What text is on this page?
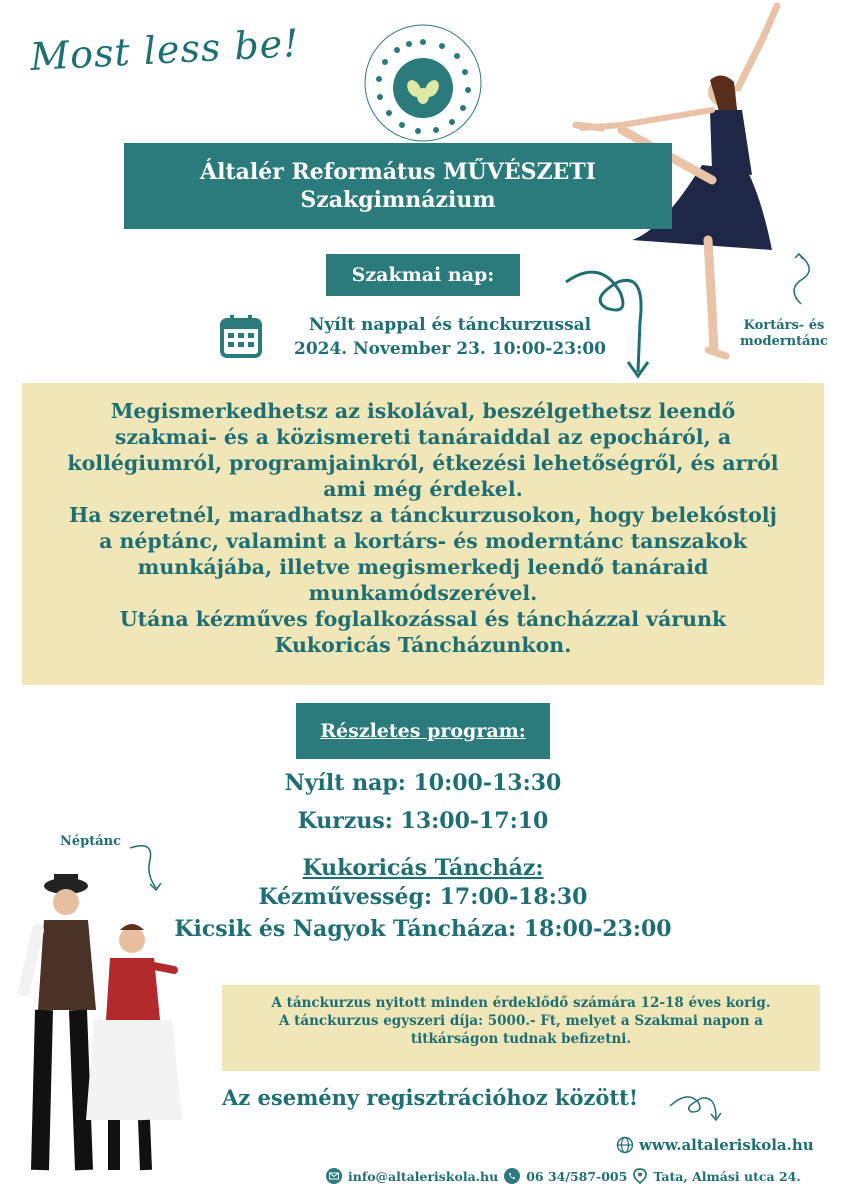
Most less be!
Általér Református MŰVÉSZETI
Szakgimnázium
Szakmai nap:
Nyílt nappal és tánckurzussal
2024. November 23. 10:00-23:00
Kortárs- és moderntánc
Megismerkedhetsz az iskolával, beszélgethetsz leendő
szakmai- és a közismereti tanáraiddal az epocháról, a
kollégiumról, programjainkról, étkezési lehetőségről, és arról
ami még érdekel.
Ha szeretnél, maradhatsz a tánckurzusokon, hogy belekóstolj
a néptánc, valamint a kortárs- és moderntánc tanszakok
munkájába, illetve megismerkedj leendő tanáraid
munkamódszerével.
Utána kézműves foglalkozással és táncházzal várunk
Kukoricás Táncházunkon.
Részletes program:
Nyílt nap: 10:00-13:30
Kurzus: 13:00-17:10
Kukoricás Táncház:
Kézművesség: 17:00-18:30
Kicsik és Nagyok Táncháza: 18:00-23:00
Néptánc
A tánckurzus nyitott minden érdeklődő számára 12-18 éves korig.
A tánckurzus egyszeri díja: 5000.- Ft, melyet a Szakmai napon a
titkárságon tudnak befizetni.
Az esemény regisztrációhoz között!
www.altaleriskola.hu
info@altaleriskola.hu 06 34/587-005 Tata, Almási utca 24.
